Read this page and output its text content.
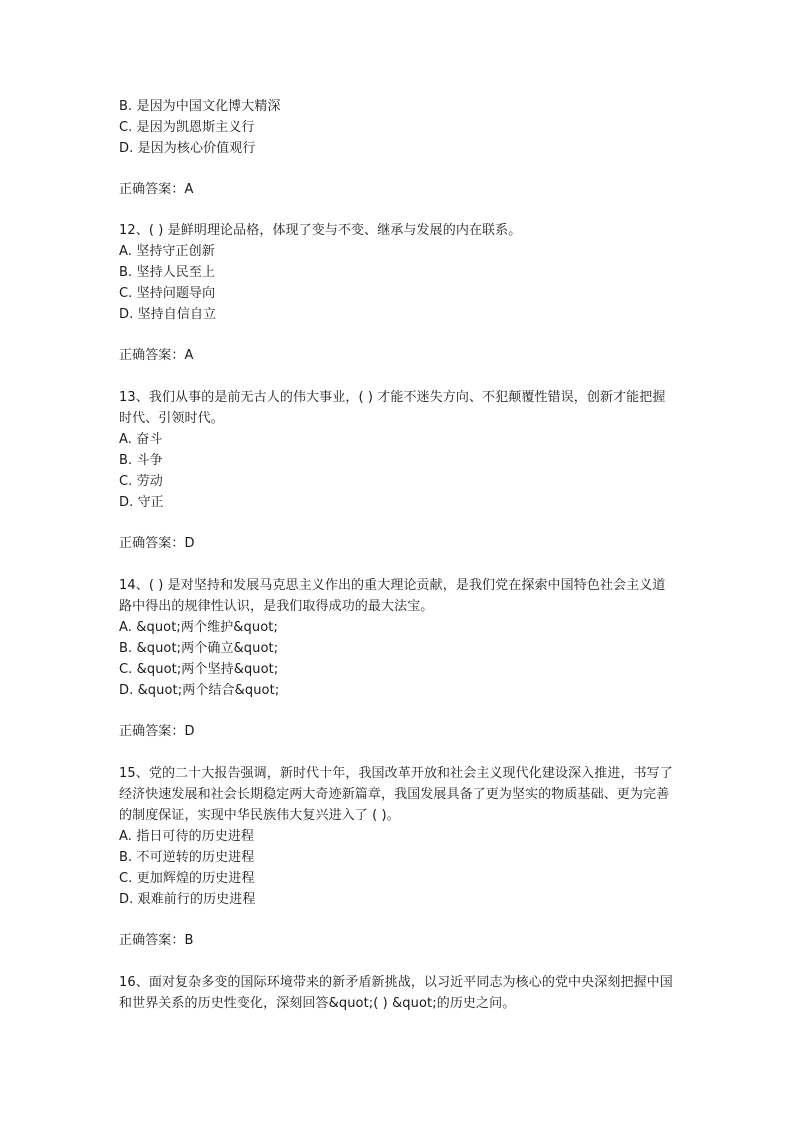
B. 是因为中国文化博大精深
C. 是因为凯恩斯主义行
D. 是因为核心价值观行
正确答案：A
12、( ) 是鲜明理论品格，体现了变与不变、继承与发展的内在联系。
A. 坚持守正创新
B. 坚持人民至上
C. 坚持问题导向
D. 坚持自信自立
正确答案：A
13、我们从事的是前无古人的伟大事业，( ) 才能不迷失方向、不犯颠覆性错误，创新才能把握时代、引领时代。
A. 奋斗
B. 斗争
C. 劳动
D. 守正
正确答案：D
14、( ) 是对坚持和发展马克思主义作出的重大理论贡献，是我们党在探索中国特色社会主义道路中得出的规律性认识，是我们取得成功的最大法宝。
A. &quot;两个维护&quot;
B. &quot;两个确立&quot;
C. &quot;两个坚持&quot;
D. &quot;两个结合&quot;
正确答案：D
15、党的二十大报告强调，新时代十年，我国改革开放和社会主义现代化建设深入推进，书写了经济快速发展和社会长期稳定两大奇迹新篇章，我国发展具备了更为坚实的物质基础、更为完善的制度保证，实现中华民族伟大复兴进入了 ( )。
A. 指日可待的历史进程
B. 不可逆转的历史进程
C. 更加辉煌的历史进程
D. 艰难前行的历史进程
正确答案：B
16、面对复杂多变的国际环境带来的新矛盾新挑战，以习近平同志为核心的党中央深刻把握中国和世界关系的历史性变化，深刻回答&quot;( ) &quot;的历史之问。
